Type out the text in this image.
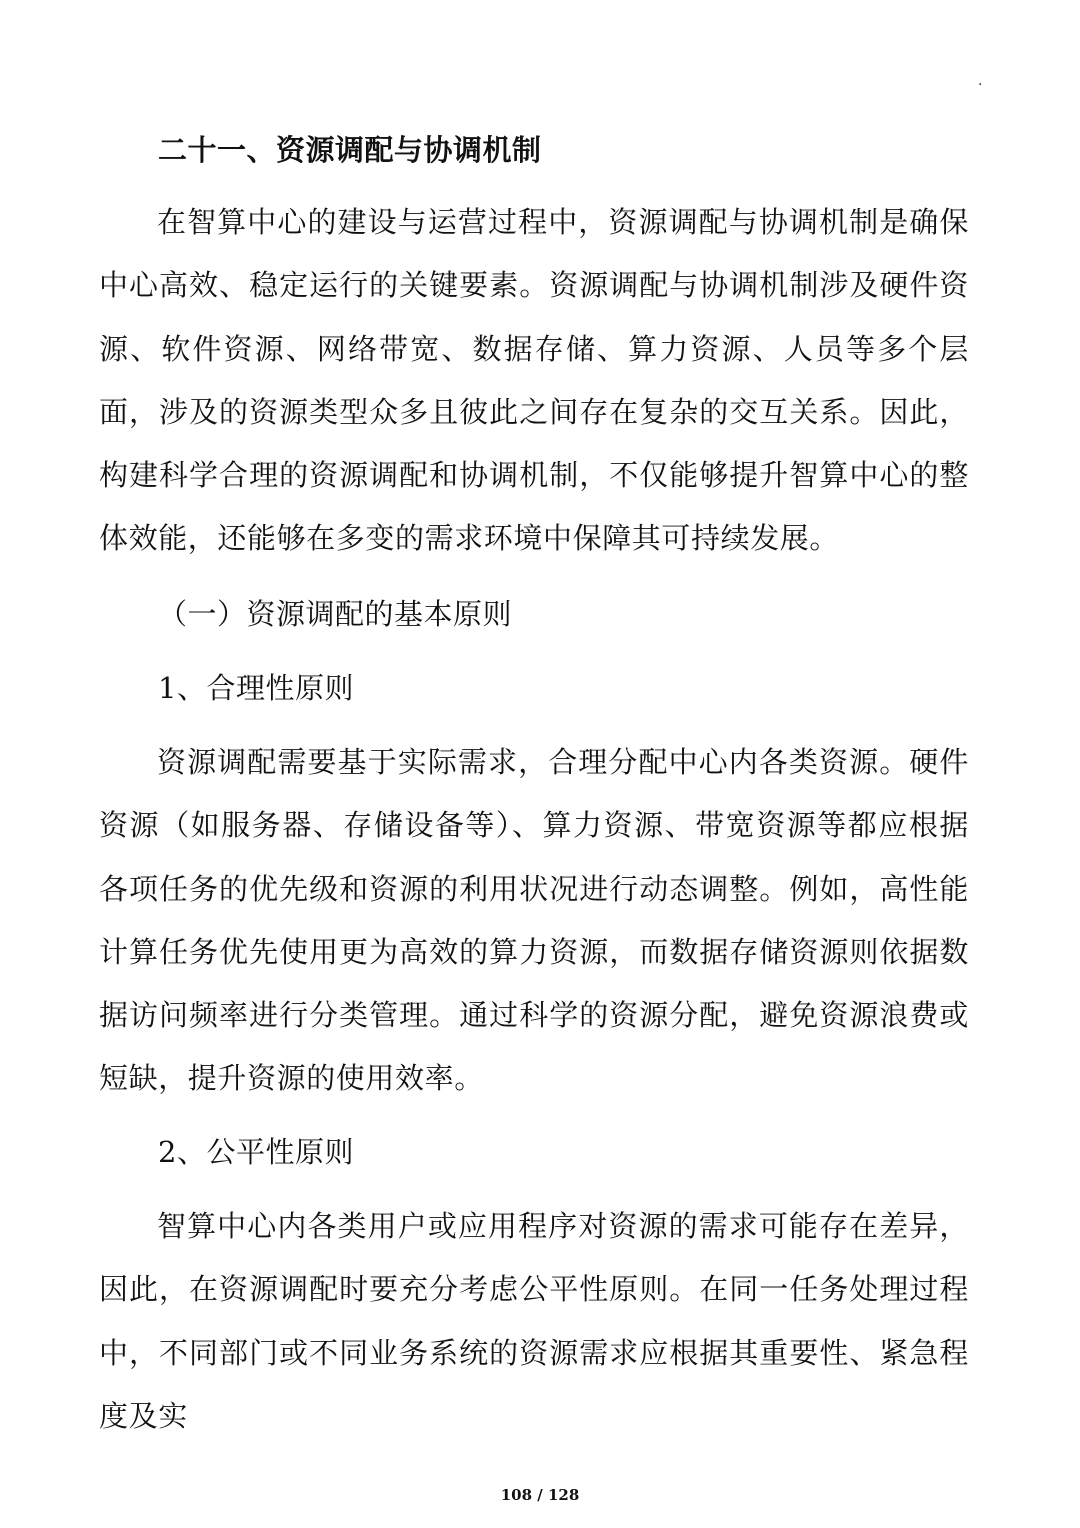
.
二十一、资源调配与协调机制

在智算中心的建设与运营过程中，资源调配与协调机制是确保中心高效、稳定运行的关键要素。资源调配与协调机制涉及硬件资源、软件资源、网络带宽、数据存储、算力资源、人员等多个层面，涉及的资源类型众多且彼此之间存在复杂的交互关系。因此，构建科学合理的资源调配和协调机制，不仅能够提升智算中心的整体效能，还能够在多变的需求环境中保障其可持续发展。

（一）资源调配的基本原则
1、合理性原则

资源调配需要基于实际需求，合理分配中心内各类资源。硬件资源（如服务器、存储设备等）、算力资源、带宽资源等都应根据各项任务的优先级和资源的利用状况进行动态调整。例如，高性能计算任务优先使用更为高效的算力资源，而数据存储资源则依据数据访问频率进行分类管理。通过科学的资源分配，避免资源浪费或短缺，提升资源的使用效率。

2、公平性原则

智算中心内各类用户或应用程序对资源的需求可能存在差异，因此，在资源调配时要充分考虑公平性原则。在同一任务处理过程中，不同部门或不同业务系统的资源需求应根据其重要性、紧急程度及实

108 / 128
